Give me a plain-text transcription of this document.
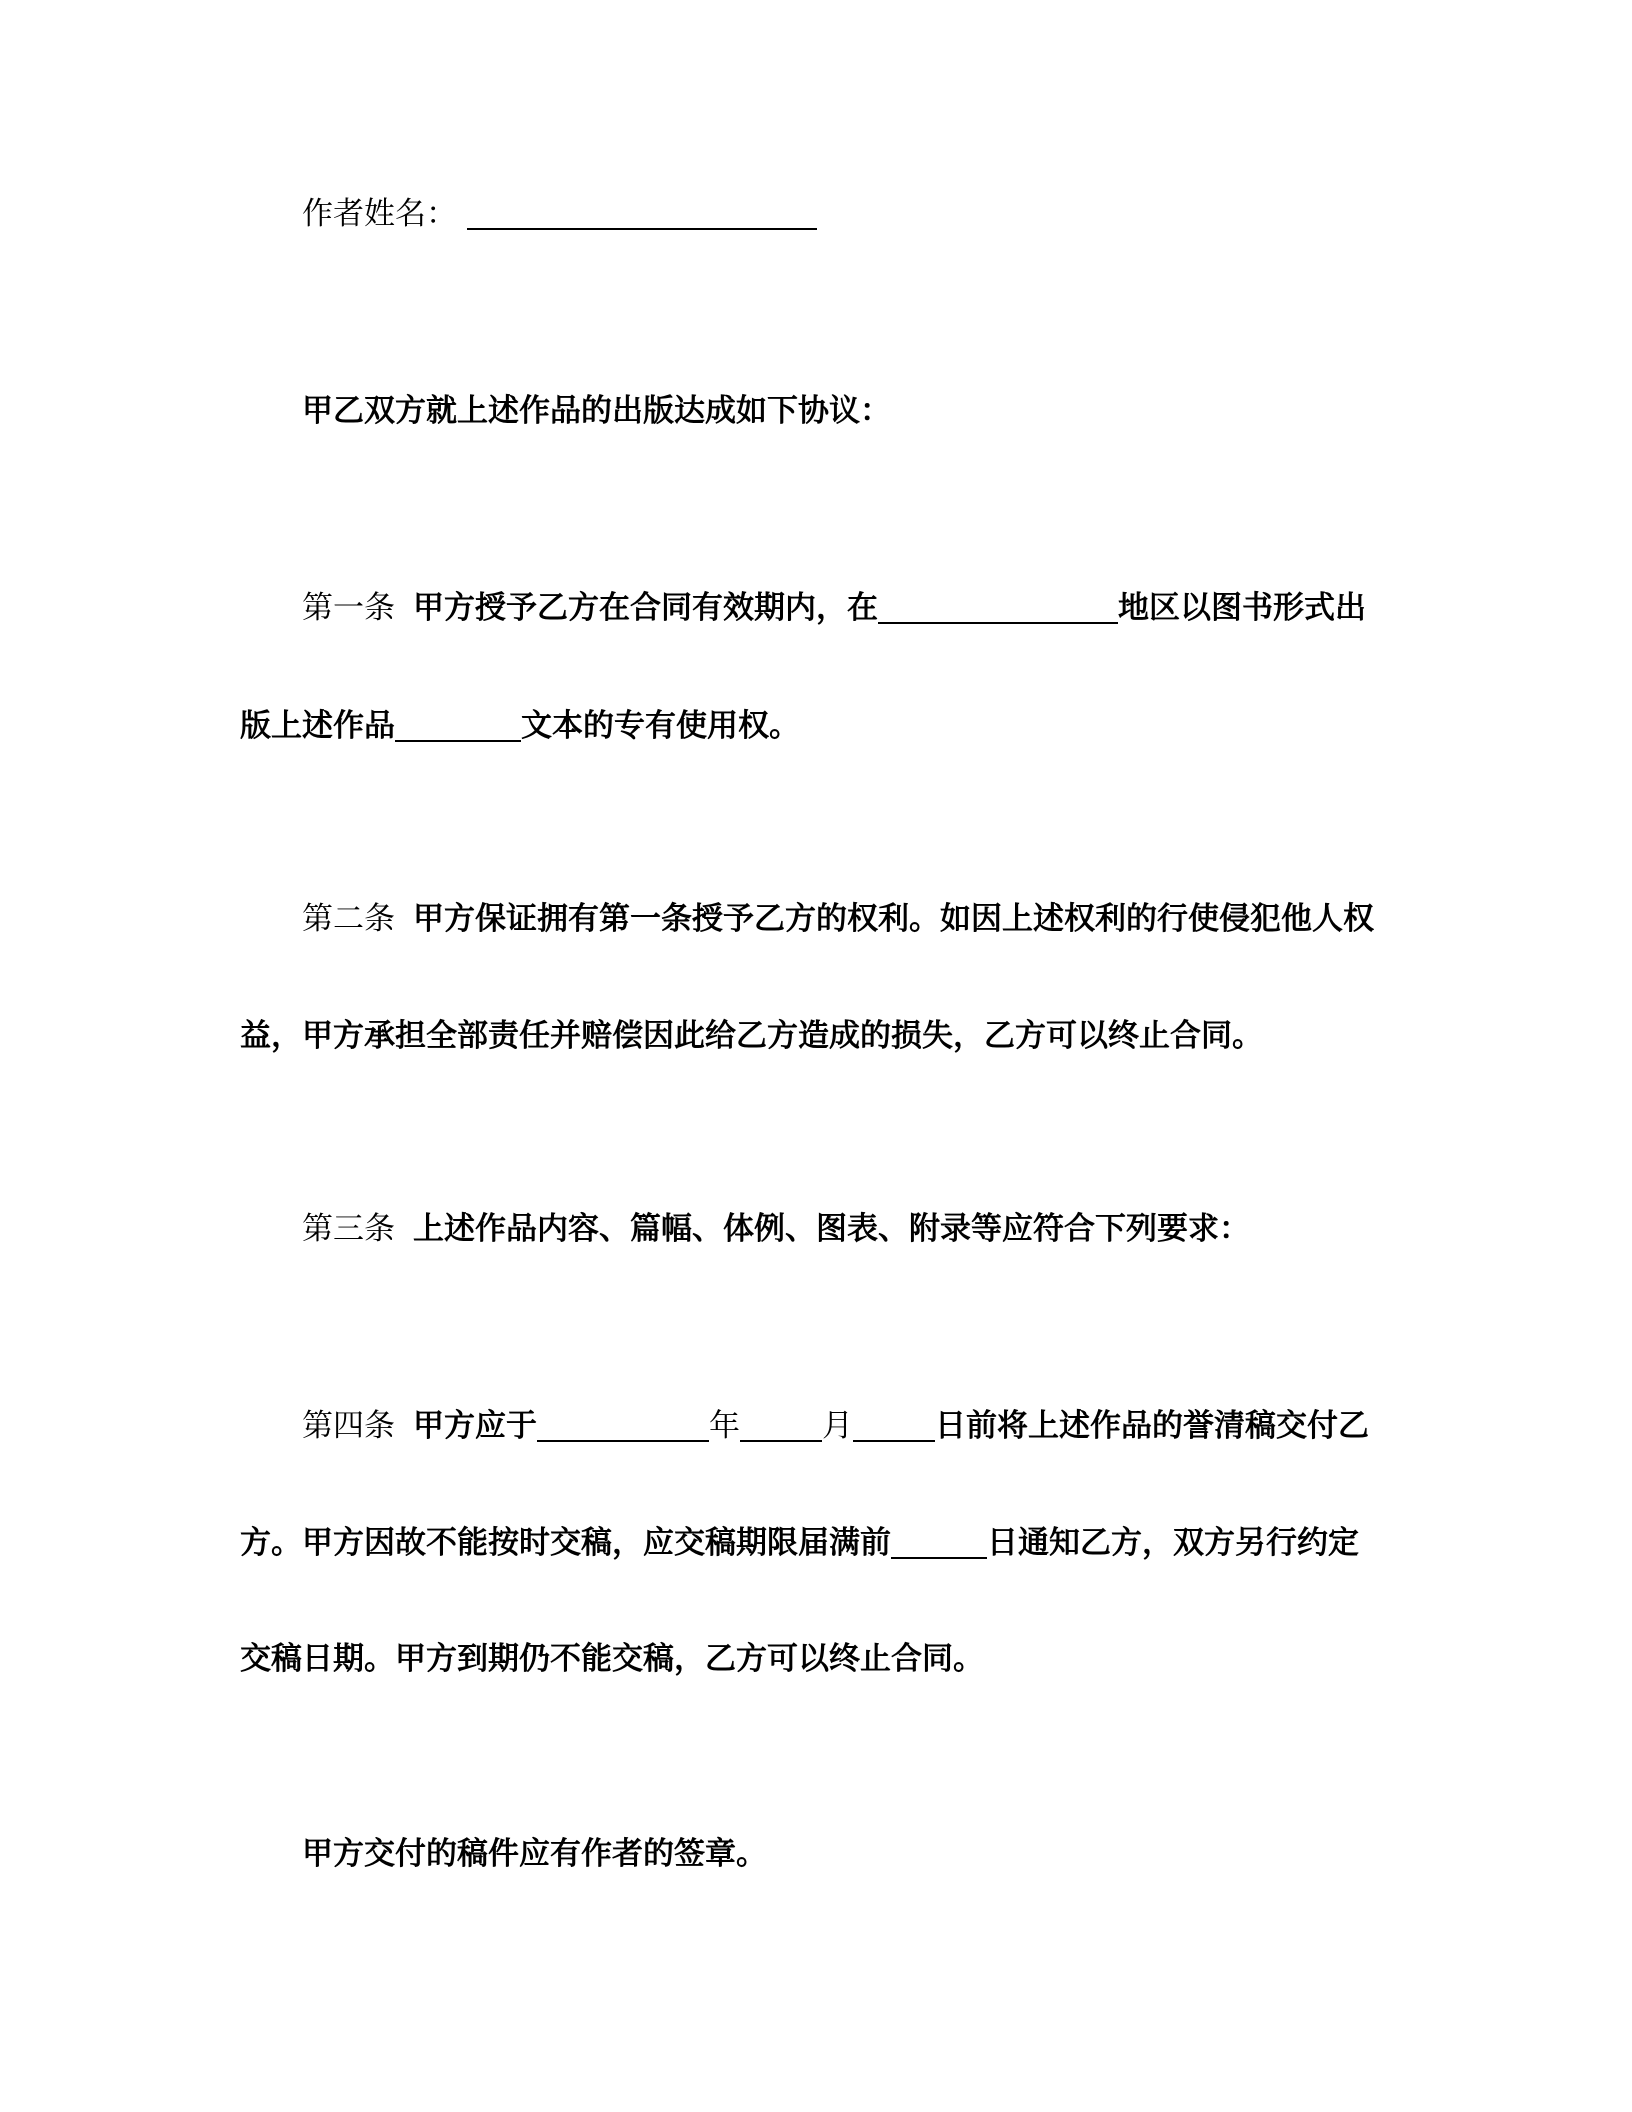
作者姓名：
甲乙双方就上述作品的出版达成如下协议：
第一条 甲方授予乙方在合同有效期内，在	地区以图书形式出
版上述作品	文本的专有使用权。
第二条 甲方保证拥有第一条授予乙方的权利。如因上述权利的行使侵犯他人权
益，甲方承担全部责任并赔偿因此给乙方造成的损失，乙方可以终止合同。
第三条 上述作品内容、篇幅、体例、图表、附录等应符合下列要求：
第四条 甲方应于	年	月	日前将上述作品的誉清稿交付乙
方。甲方因故不能按时交稿，应交稿期限届满前	日通知乙方，双方另行约定
交稿日期。甲方到期仍不能交稿，乙方可以终止合同。
甲方交付的稿件应有作者的签章。
